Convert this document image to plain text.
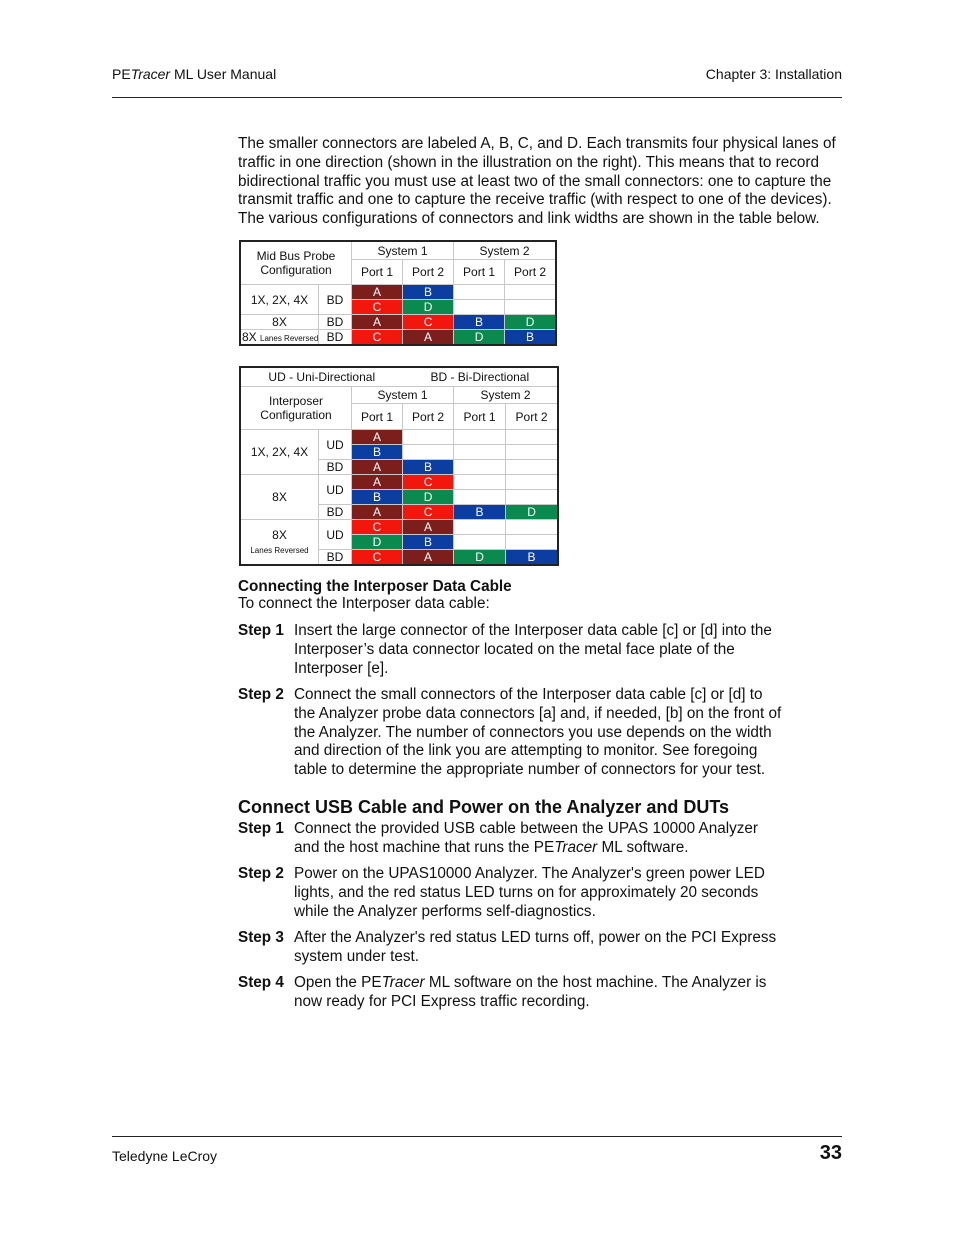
PETracer ML User Manual	Chapter 3: Installation
The smaller connectors are labeled A, B, C, and D. Each transmits four physical lanes of traffic in one direction (shown in the illustration on the right). This means that to record bidirectional traffic you must use at least two of the small connectors: one to capture the transmit traffic and one to capture the receive traffic (with respect to one of the devices). The various configurations of connectors and link widths are shown in the table below.
Mid Bus Probe
Configuration		System 1		System 2	
		Port 1	Port 2	Port 1	Port 2
1X, 2X, 4X	BD	A	B		
		C	D		
8X	BD	A	C	B	D
8X Lanes Reversed	BD	C	A	D	B
UD - Uni-Directional			BD - Bi-Directional		
Interposer
Configuration		System 1		System 2	
		Port 1	Port 2	Port 1	Port 2
1X, 2X, 4X	UD	A			
		B			
	BD	A	B		
8X	UD	A	C		
		B	D		
	BD	A	C	B	D
8X
Lanes Reversed	UD	C	A		
		D	B		
	BD	C	A	D	B
Connecting the Interposer Data Cable
To connect the Interposer data cable:
Step 1 Insert the large connector of the Interposer data cable [c] or [d] into the Interposer’s data connector located on the metal face plate of the Interposer [e].
Step 2 Connect the small connectors of the Interposer data cable [c] or [d] to the Analyzer probe data connectors [a] and, if needed, [b] on the front of the Analyzer. The number of connectors you use depends on the width and direction of the link you are attempting to monitor. See foregoing table to determine the appropriate number of connectors for your test.
Connect USB Cable and Power on the Analyzer and DUTs
Step 1 Connect the provided USB cable between the UPAS 10000 Analyzer and the host machine that runs the PETracer ML software.
Step 2 Power on the UPAS10000 Analyzer. The Analyzer's green power LED lights, and the red status LED turns on for approximately 20 seconds while the Analyzer performs self-diagnostics.
Step 3 After the Analyzer's red status LED turns off, power on the PCI Express system under test.
Step 4 Open the PETracer ML software on the host machine. The Analyzer is now ready for PCI Express traffic recording.
Teledyne LeCroy	33
